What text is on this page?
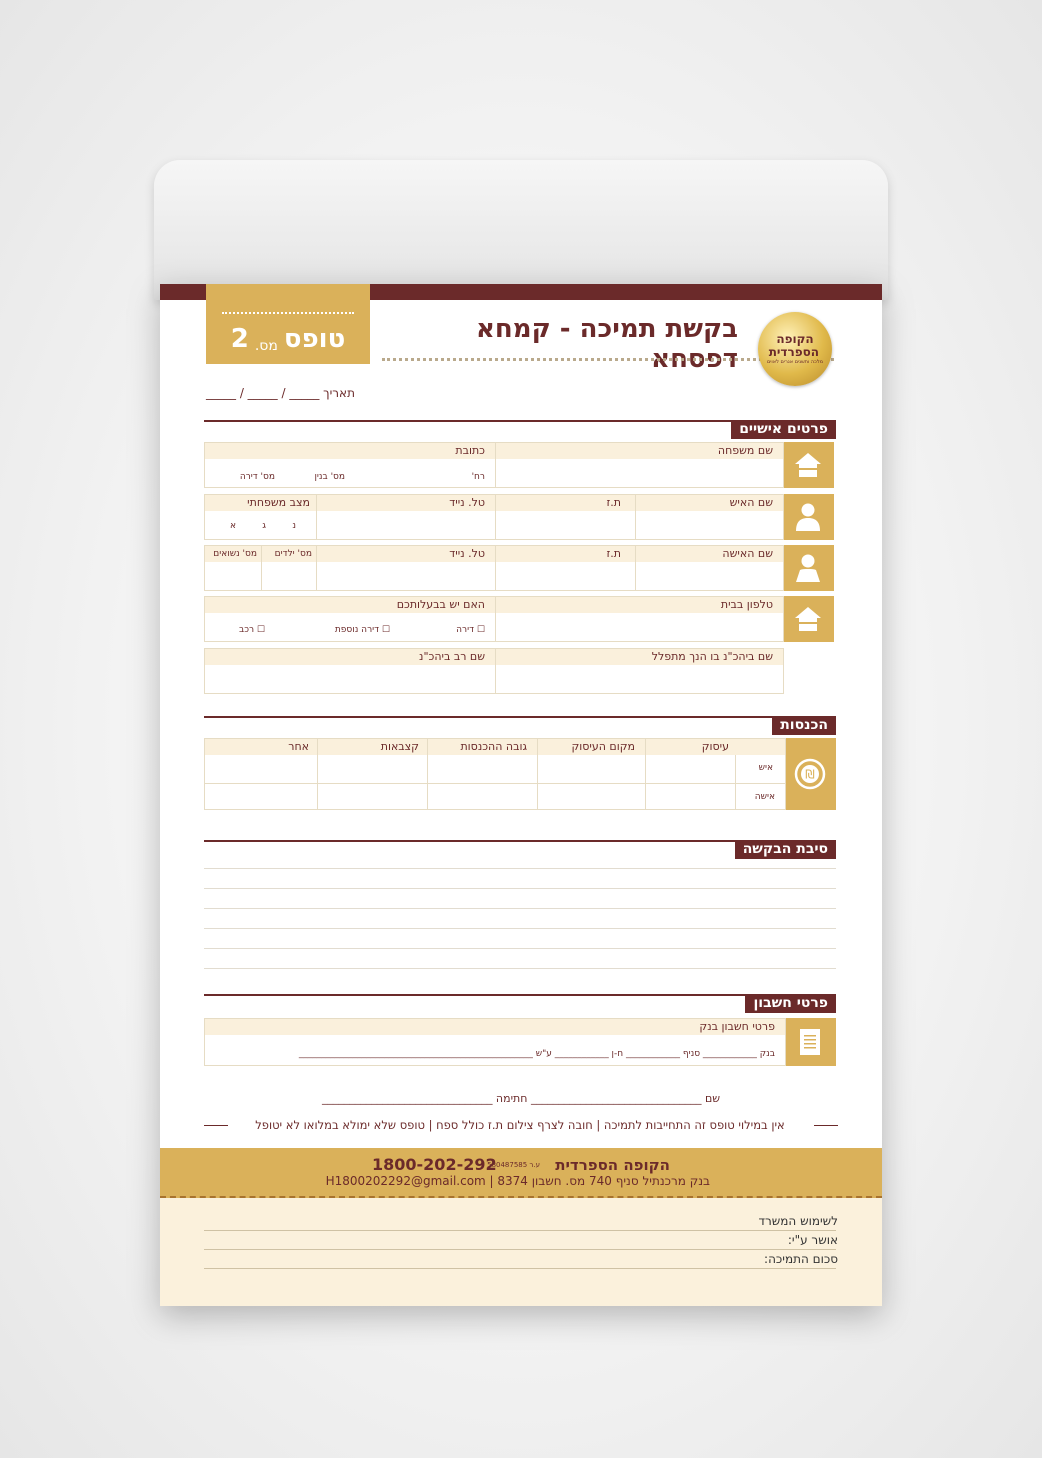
טופס
מס.
2	בקשת תמיכה - קמחא דפסחא
הקופה הספרדית
מלכה ותשנים אנרים לאוים
תאריך _____ / _____ / _____
פרטים אישיים
שם משפחה
כתובת
רח'
מס' בנין
מס' דירה
שם האיש
ת.ז
טל. נייד
מצב משפחתי
נ
ג
א
שם האישה
ת.ז
טל. נייד
מס' ילדים
מס' נשואים
טלפון בבית
האם יש בבעלותכם
☐ דירה
☐ דירה נוספת
☐ רכב
שם ביהכ"נ בו הנך מתפלל
שם רב ביהכ"נ
הכנסות
₪
עיסוק
מקום העיסוק
גובה ההכנסות
קצבאות
אחר
איש
אישה
סיבת הבקשה
פרטי חשבון
פרטי חשבון בנק
בנק ____________ סניף ____________ ח-ן ____________ ע"ש ____________________________________________________
שם _______________________________ חתימה _______________________________
אין במילוי טופס זה התחייבות לתמיכה | חובה לצרף צילום ת.ז כולל ספח | טופס שלא ימולא במלואו לא יטופל
הקופה הספרדית
ע.ר 580487585
1800-202-292
בנק מרכנתיל סניף 740 מס. חשבון 8374 | H1800202292@gmail.com
לשימוש המשרד
אושר ע"י:
סכום התמיכה:
